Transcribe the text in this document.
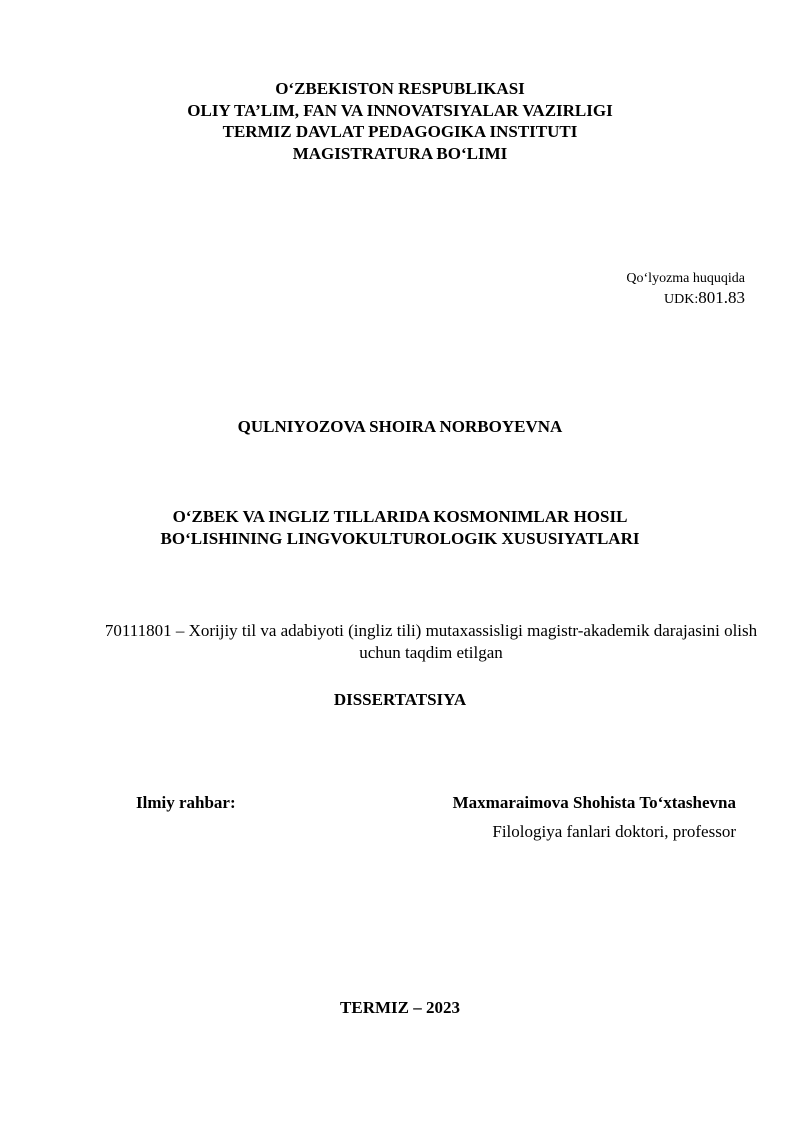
O‘ZBEKISTON RESPUBLIKASI
OLIY TA’LIM, FAN VA INNOVATSIYALAR VAZIRLIGI
TERMIZ DAVLAT PEDAGOGIKA INSTITUTI
MAGISTRATURA BO‘LIMI
Qo‘lyozma huquqida
UDK:801.83
QULNIYOZOVA SHOIRA NORBOYEVNA
O‘ZBEK VA INGLIZ TILLARIDA KOSMONIMLAR HOSIL
BO‘LISHINING LINGVOKULTUROLOGIK XUSUSIYATLARI
70111801 – Xorijiy til va adabiyoti (ingliz tili) mutaxassisligi magistr-akademik darajasini olish uchun taqdim etilgan
DISSERTATSIYA
Ilmiy rahbar:	Maxmaraimova Shohista To‘xtashevna
Filologiya fanlari doktori, professor
TERMIZ – 2023
